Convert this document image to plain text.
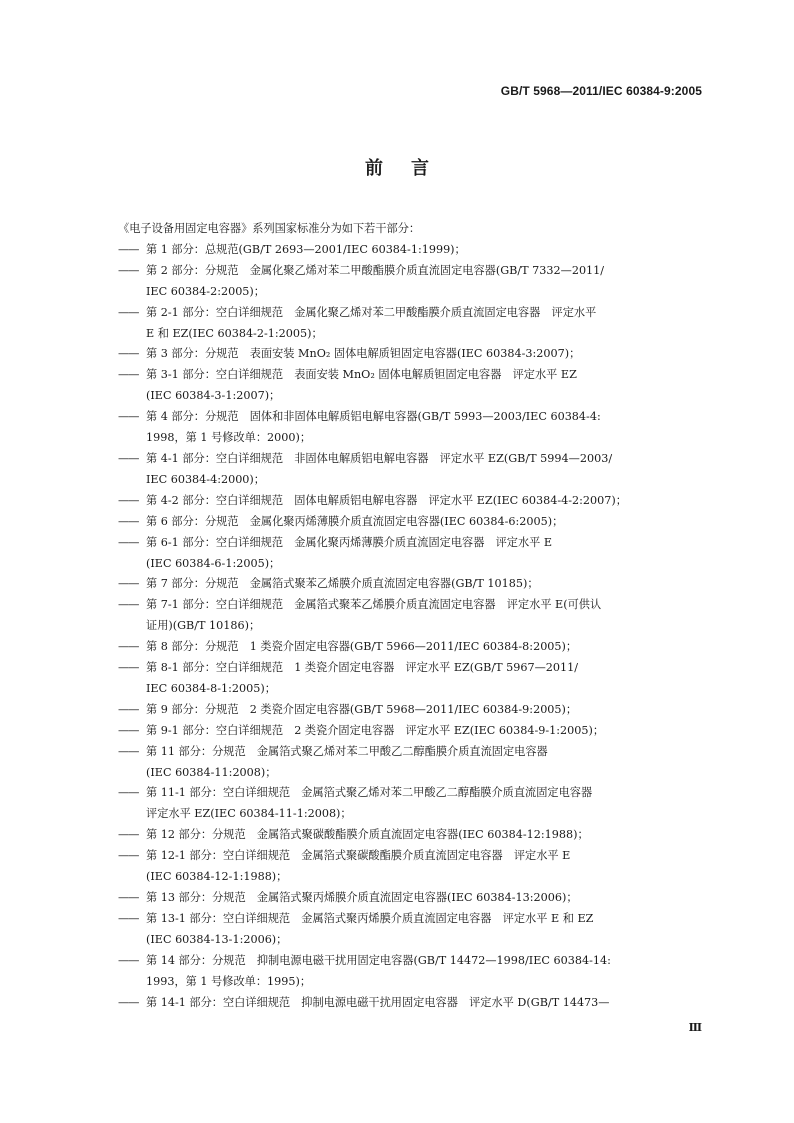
GB/T 5968—2011/IEC 60384-9:2005
前言

《电子设备用固定电容器》系列国家标准分为如下若干部分：

—— 第 1 部分：总规范(GB/T 2693—2001/IEC 60384-1:1999)；
—— 第 2 部分：分规范　金属化聚乙烯对苯二甲酸酯膜介质直流固定电容器(GB/T 7332—2011/
IEC 60384-2:2005)；
—— 第 2-1 部分：空白详细规范　金属化聚乙烯对苯二甲酸酯膜介质直流固定电容器　评定水平
E 和 EZ(IEC 60384-2-1:2005)；
—— 第 3 部分：分规范　表面安装 MnO₂ 固体电解质钽固定电容器(IEC 60384-3:2007)；
—— 第 3-1 部分：空白详细规范　表面安装 MnO₂ 固体电解质钽固定电容器　评定水平 EZ
(IEC 60384-3-1:2007)；
—— 第 4 部分：分规范　固体和非固体电解质铝电解电容器(GB/T 5993—2003/IEC 60384-4:
1998，第 1 号修改单：2000)；
—— 第 4-1 部分：空白详细规范　非固体电解质铝电解电容器　评定水平 EZ(GB/T 5994—2003/
IEC 60384-4:2000)；
—— 第 4-2 部分：空白详细规范　固体电解质铝电解电容器　评定水平 EZ(IEC 60384-4-2:2007)；
—— 第 6 部分：分规范　金属化聚丙烯薄膜介质直流固定电容器(IEC 60384-6:2005)；
—— 第 6-1 部分：空白详细规范　金属化聚丙烯薄膜介质直流固定电容器　评定水平 E
(IEC 60384-6-1:2005)；
—— 第 7 部分：分规范　金属箔式聚苯乙烯膜介质直流固定电容器(GB/T 10185)；
—— 第 7-1 部分：空白详细规范　金属箔式聚苯乙烯膜介质直流固定电容器　评定水平 E(可供认
证用)(GB/T 10186)；
—— 第 8 部分：分规范　1 类瓷介固定电容器(GB/T 5966—2011/IEC 60384-8:2005)；
—— 第 8-1 部分：空白详细规范　1 类瓷介固定电容器　评定水平 EZ(GB/T 5967—2011/
IEC 60384-8-1:2005)；
—— 第 9 部分：分规范　2 类瓷介固定电容器(GB/T 5968—2011/IEC 60384-9:2005)；
—— 第 9-1 部分：空白详细规范　2 类瓷介固定电容器　评定水平 EZ(IEC 60384-9-1:2005)；
—— 第 11 部分：分规范　金属箔式聚乙烯对苯二甲酸乙二醇酯膜介质直流固定电容器
(IEC 60384-11:2008)；
—— 第 11-1 部分：空白详细规范　金属箔式聚乙烯对苯二甲酸乙二醇酯膜介质直流固定电容器
评定水平 EZ(IEC 60384-11-1:2008)；
—— 第 12 部分：分规范　金属箔式聚碳酸酯膜介质直流固定电容器(IEC 60384-12:1988)；
—— 第 12-1 部分：空白详细规范　金属箔式聚碳酸酯膜介质直流固定电容器　评定水平 E
(IEC 60384-12-1:1988)；
—— 第 13 部分：分规范　金属箔式聚丙烯膜介质直流固定电容器(IEC 60384-13:2006)；
—— 第 13-1 部分：空白详细规范　金属箔式聚丙烯膜介质直流固定电容器　评定水平 E 和 EZ
(IEC 60384-13-1:2006)；
—— 第 14 部分：分规范　抑制电源电磁干扰用固定电容器(GB/T 14472—1998/IEC 60384-14:
1993，第 1 号修改单：1995)；
—— 第 14-1 部分：空白详细规范　抑制电源电磁干扰用固定电容器　评定水平 D(GB/T 14473—
Ⅲ
